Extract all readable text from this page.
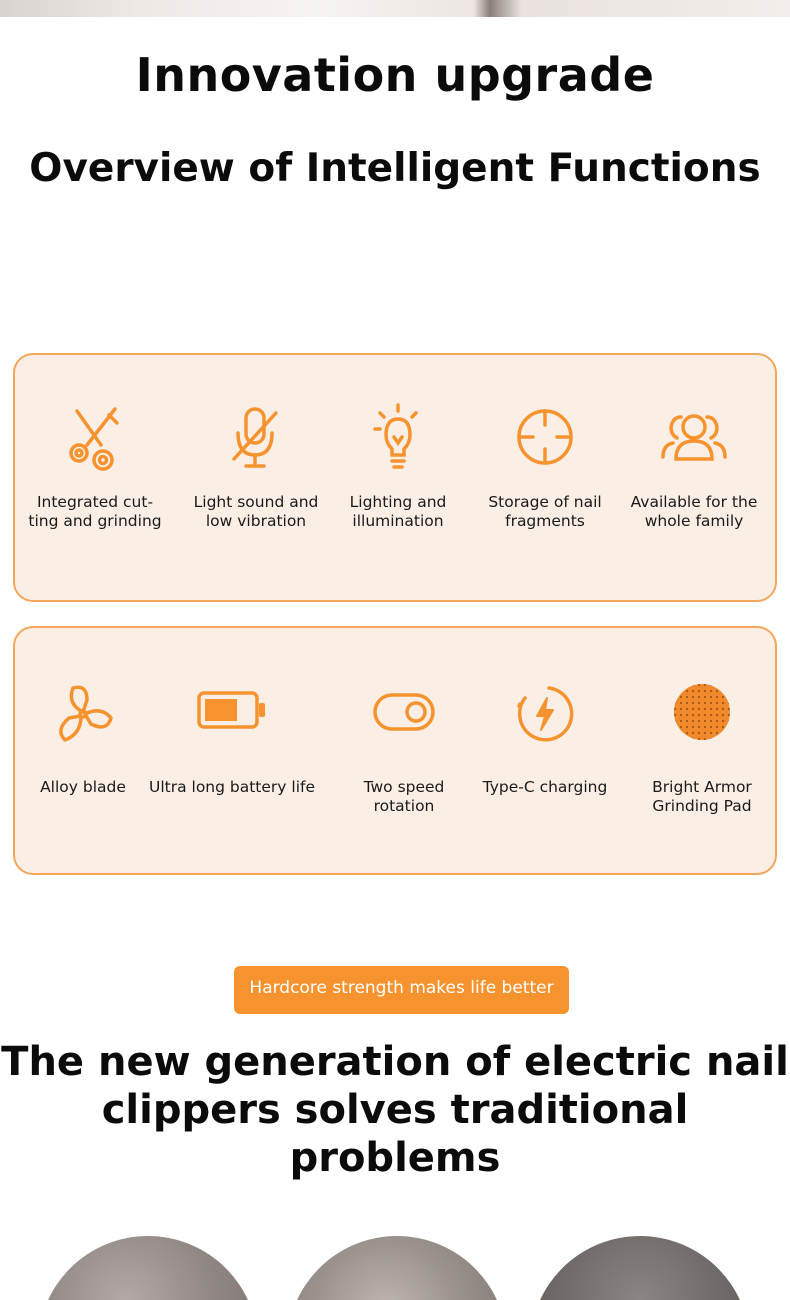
Innovation upgrade
Overview of Intelligent Functions
Integrated cut-
ting and grinding
Light sound and
low vibration
Lighting and
illumination
Storage of nail
fragments
Available for the
whole family
Alloy blade	Ultra long battery life	Two speed
rotation
Type-C charging	Bright Armor
Grinding Pad
Hardcore strength makes life better
The new generation of electric nail
clippers solves traditional problems
